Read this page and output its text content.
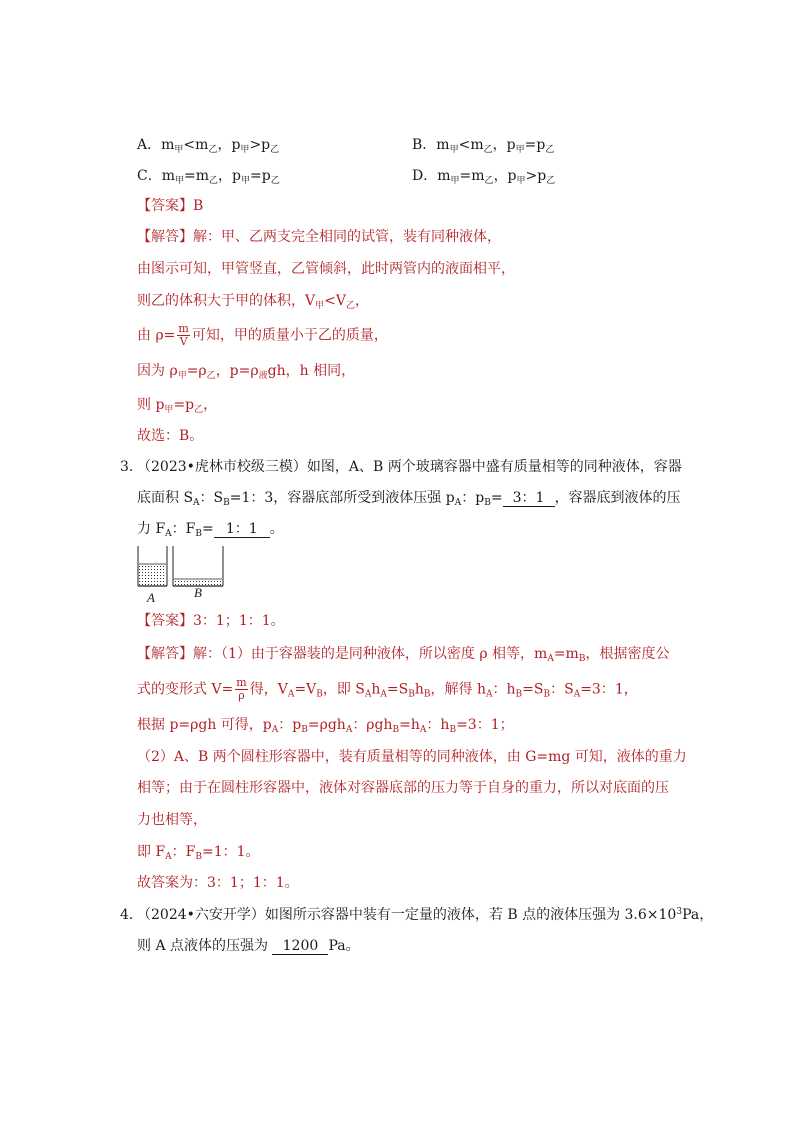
A．$m_甲<m_乙$，$p_甲>p_乙$	B．$m_甲<m_乙$，$p_甲=p_乙$
C．$m_甲=m_乙$，$p_甲=p_乙$	D．$m_甲=m_乙$，$p_甲>p_乙$
【答案】B
【解答】解：甲、乙两支完全相同的试管，装有同种液体，
由图示可知，甲管竖直，乙管倾斜，此时两管内的液面相平，
则乙的体积大于甲的体积，$V_甲<V_乙$，
由 $\rho= \frac{m}{V}$ 可知，甲的质量小于乙的质量，
因为 $\rho_甲=\rho_乙$，$p=\rho_液gh$，h 相同，
则 $p_甲=p_乙$，
故选：B。
3．
（2023•虎林市校级三模）如图，A、B 两个玻璃容器中盛有质量相等的同种液体，容器
底面积 $S_A$：$S_B=1$：3，容器底部所受到液体压强 $p_A$：$p_B= 3$：1 ，容器底到液体的压
力 $F_A$：$F_B= 1$：1 。
A	B
【答案】3：1；1：1。
【解答】解：（1）由于容器装的是同种液体，所以密度 ρ 相等，$m_A=m_B$，根据密度公
式的变形式 $V= \frac{m}{\rho}$ 得，$V_A=V_B$，即 $S_Ah_A=S_Bh_B$，解得 $h_A$：$h_B=S_B$：$S_A=3$：1，
根据 p=ρgh 可得，$p_A$：$p_B=\rho gh_A$：$\rho gh_B=h_A$：$h_B=3$：1；
（2）A、B 两个圆柱形容器中，装有质量相等的同种液体，由 G=mg 可知，液体的重力
相等；由于在圆柱形容器中，液体对容器底部的压力等于自身的重力，所以对底面的压
力也相等，
即 $F_A$：$F_B=1$：1。
故答案为：3：1；1：1。
4．
（2024•六安开学）如图所示容器中装有一定量的液体，若 B 点的液体压强为 $3.6\times 10^3Pa$，
则 A 点液体的压强为 1200 Pa。
